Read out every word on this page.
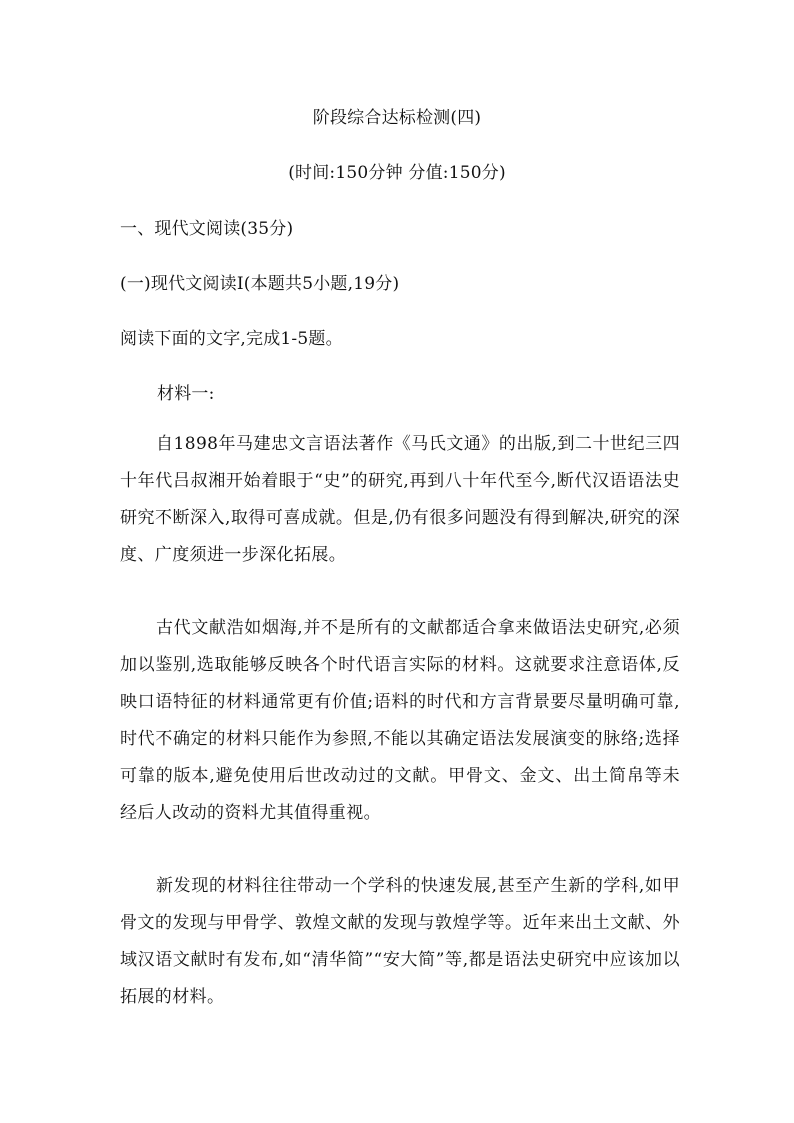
阶段综合达标检测(四)
(时间:150分钟 分值:150分)
一、现代文阅读(35分)
(一)现代文阅读Ⅰ(本题共5小题,19分)
阅读下面的文字,完成1-5题。
材料一:
自1898年马建忠文言语法著作《马氏文通》的出版,到二十世纪三四十年代吕叔湘开始着眼于“史”的研究,再到八十年代至今,断代汉语语法史研究不断深入,取得可喜成就。但是,仍有很多问题没有得到解决,研究的深度、广度须进一步深化拓展。
古代文献浩如烟海,并不是所有的文献都适合拿来做语法史研究,必须加以鉴别,选取能够反映各个时代语言实际的材料。这就要求注意语体,反映口语特征的材料通常更有价值;语料的时代和方言背景要尽量明确可靠,时代不确定的材料只能作为参照,不能以其确定语法发展演变的脉络;选择可靠的版本,避免使用后世改动过的文献。甲骨文、金文、出土简帛等未经后人改动的资料尤其值得重视。
新发现的材料往往带动一个学科的快速发展,甚至产生新的学科,如甲骨文的发现与甲骨学、敦煌文献的发现与敦煌学等。近年来出土文献、外域汉语文献时有发布,如“清华简”“安大简”等,都是语法史研究中应该加以拓展的材料。
